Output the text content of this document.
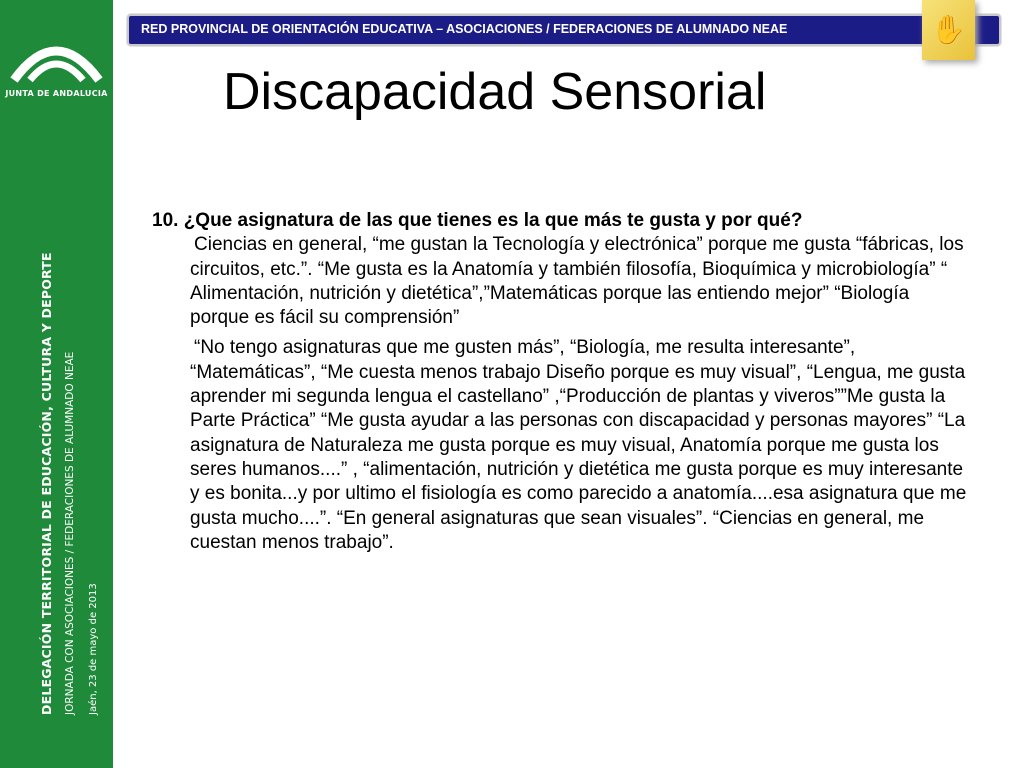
JUNTA DE ANDALUCIA
DELEGACIÓN TERRITORIAL DE EDUCACIÓN, CULTURA Y DEPORTE JORNADA CON ASOCIACIONES / FEDERACIONES DE ALUMNADO NEAE Jaén, 23 de mayo de 2013
RED PROVINCIAL DE ORIENTACIÓN EDUCATIVA – ASOCIACIONES / FEDERACIONES DE ALUMNADO NEAE	✋
Discapacidad Sensorial

10. ¿Que asignatura de las que tienes es la que más te gusta y por qué?

Ciencias en general, “me gustan la Tecnología y electrónica” porque me gusta “fábricas, los circuitos, etc.”. “Me gusta es la Anatomía y también filosofía, Bioquímica y microbiología” “ Alimentación, nutrición y dietética”,”Matemáticas porque las entiendo mejor” “Biología porque es fácil su comprensión”

“No tengo asignaturas que me gusten más”, “Biología, me resulta interesante”, “Matemáticas”, “Me cuesta menos trabajo Diseño porque es muy visual”, “Lengua, me gusta aprender mi segunda lengua el castellano” ,“Producción de plantas y viveros””Me gusta la Parte Práctica” “Me gusta ayudar a las personas con discapacidad y personas mayores” “La asignatura de Naturaleza me gusta porque es muy visual, Anatomía porque me gusta los seres humanos....” , “alimentación, nutrición y dietética me gusta porque es muy interesante y es bonita...y por ultimo el fisiología es como parecido a anatomía....esa asignatura que me gusta mucho....”. “En general asignaturas que sean visuales”. “Ciencias en general, me cuestan menos trabajo”.
